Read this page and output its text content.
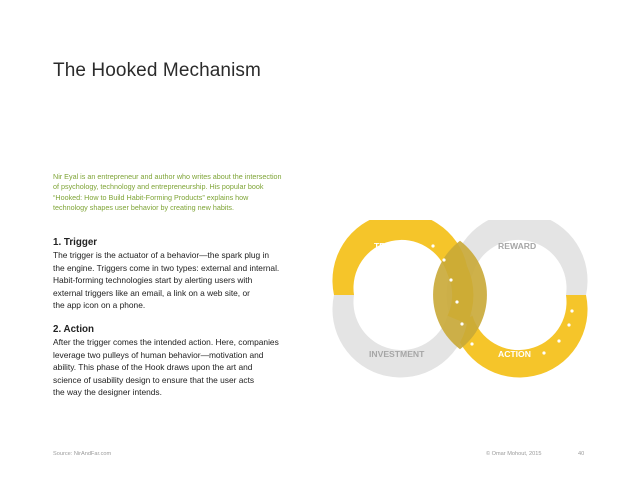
The Hooked Mechanism
Nir Eyal is an entrepreneur and author who writes about the intersection
of psychology, technology and entrepreneurship. His popular book
“Hooked: How to Build Habit-Forming Products” explains how
technology shapes user behavior by creating new habits.
1. Trigger
The trigger is the actuator of a behavior—the spark plug in
the engine. Triggers come in two types: external and internal.
Habit-forming technologies start by alerting users with
external triggers like an email, a link on a web site, or
the app icon on a phone.
2. Action
After the trigger comes the intended action. Here, companies
leverage two pulleys of human behavior—motivation and
ability. This phase of the Hook draws upon the art and
science of usability design to ensure that the user acts
the way the designer intends.
TRIGGER	REWARD
INVESTMENT	ACTION
Source: NirAndFar.com	© Omar Mohout, 2015	40
